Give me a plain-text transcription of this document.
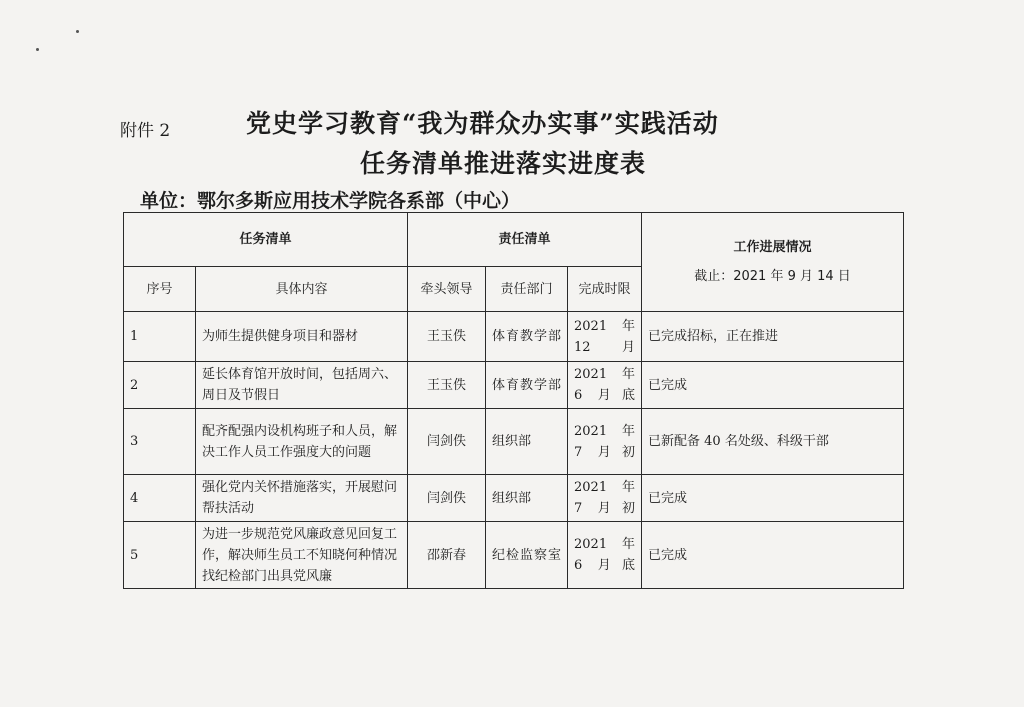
附件 2	党史学习教育“我为群众办实事”实践活动
任务清单推进落实进度表
单位：鄂尔多斯应用技术学院各系部（中心）
任务清单		责任清单			工作进展情况
截止：2021 年 9 月 14 日
序号	具体内容	牵头领导	责任部门	完成时限	
1	为师生提供健身项目和器材	王玉佚	体育教学部	2021 年 12 月	已完成招标，正在推进
2	延长体育馆开放时间，包括周六、周日及节假日	王玉佚	体育教学部	2021 年 6 月底	已完成
3	配齐配强内设机构班子和人员，解决工作人员工作强度大的问题	闫剑佚	组织部	2021 年 7 月初	已新配备 40 名处级、科级干部
4	强化党内关怀措施落实，开展慰问帮扶活动	闫剑佚	组织部	2021 年 7 月初	已完成
5	为进一步规范党风廉政意见回复工作，解决师生员工不知晓何种情况找纪检部门出具党风廉	邵新春	纪检监察室	2021 年 6 月底	已完成
